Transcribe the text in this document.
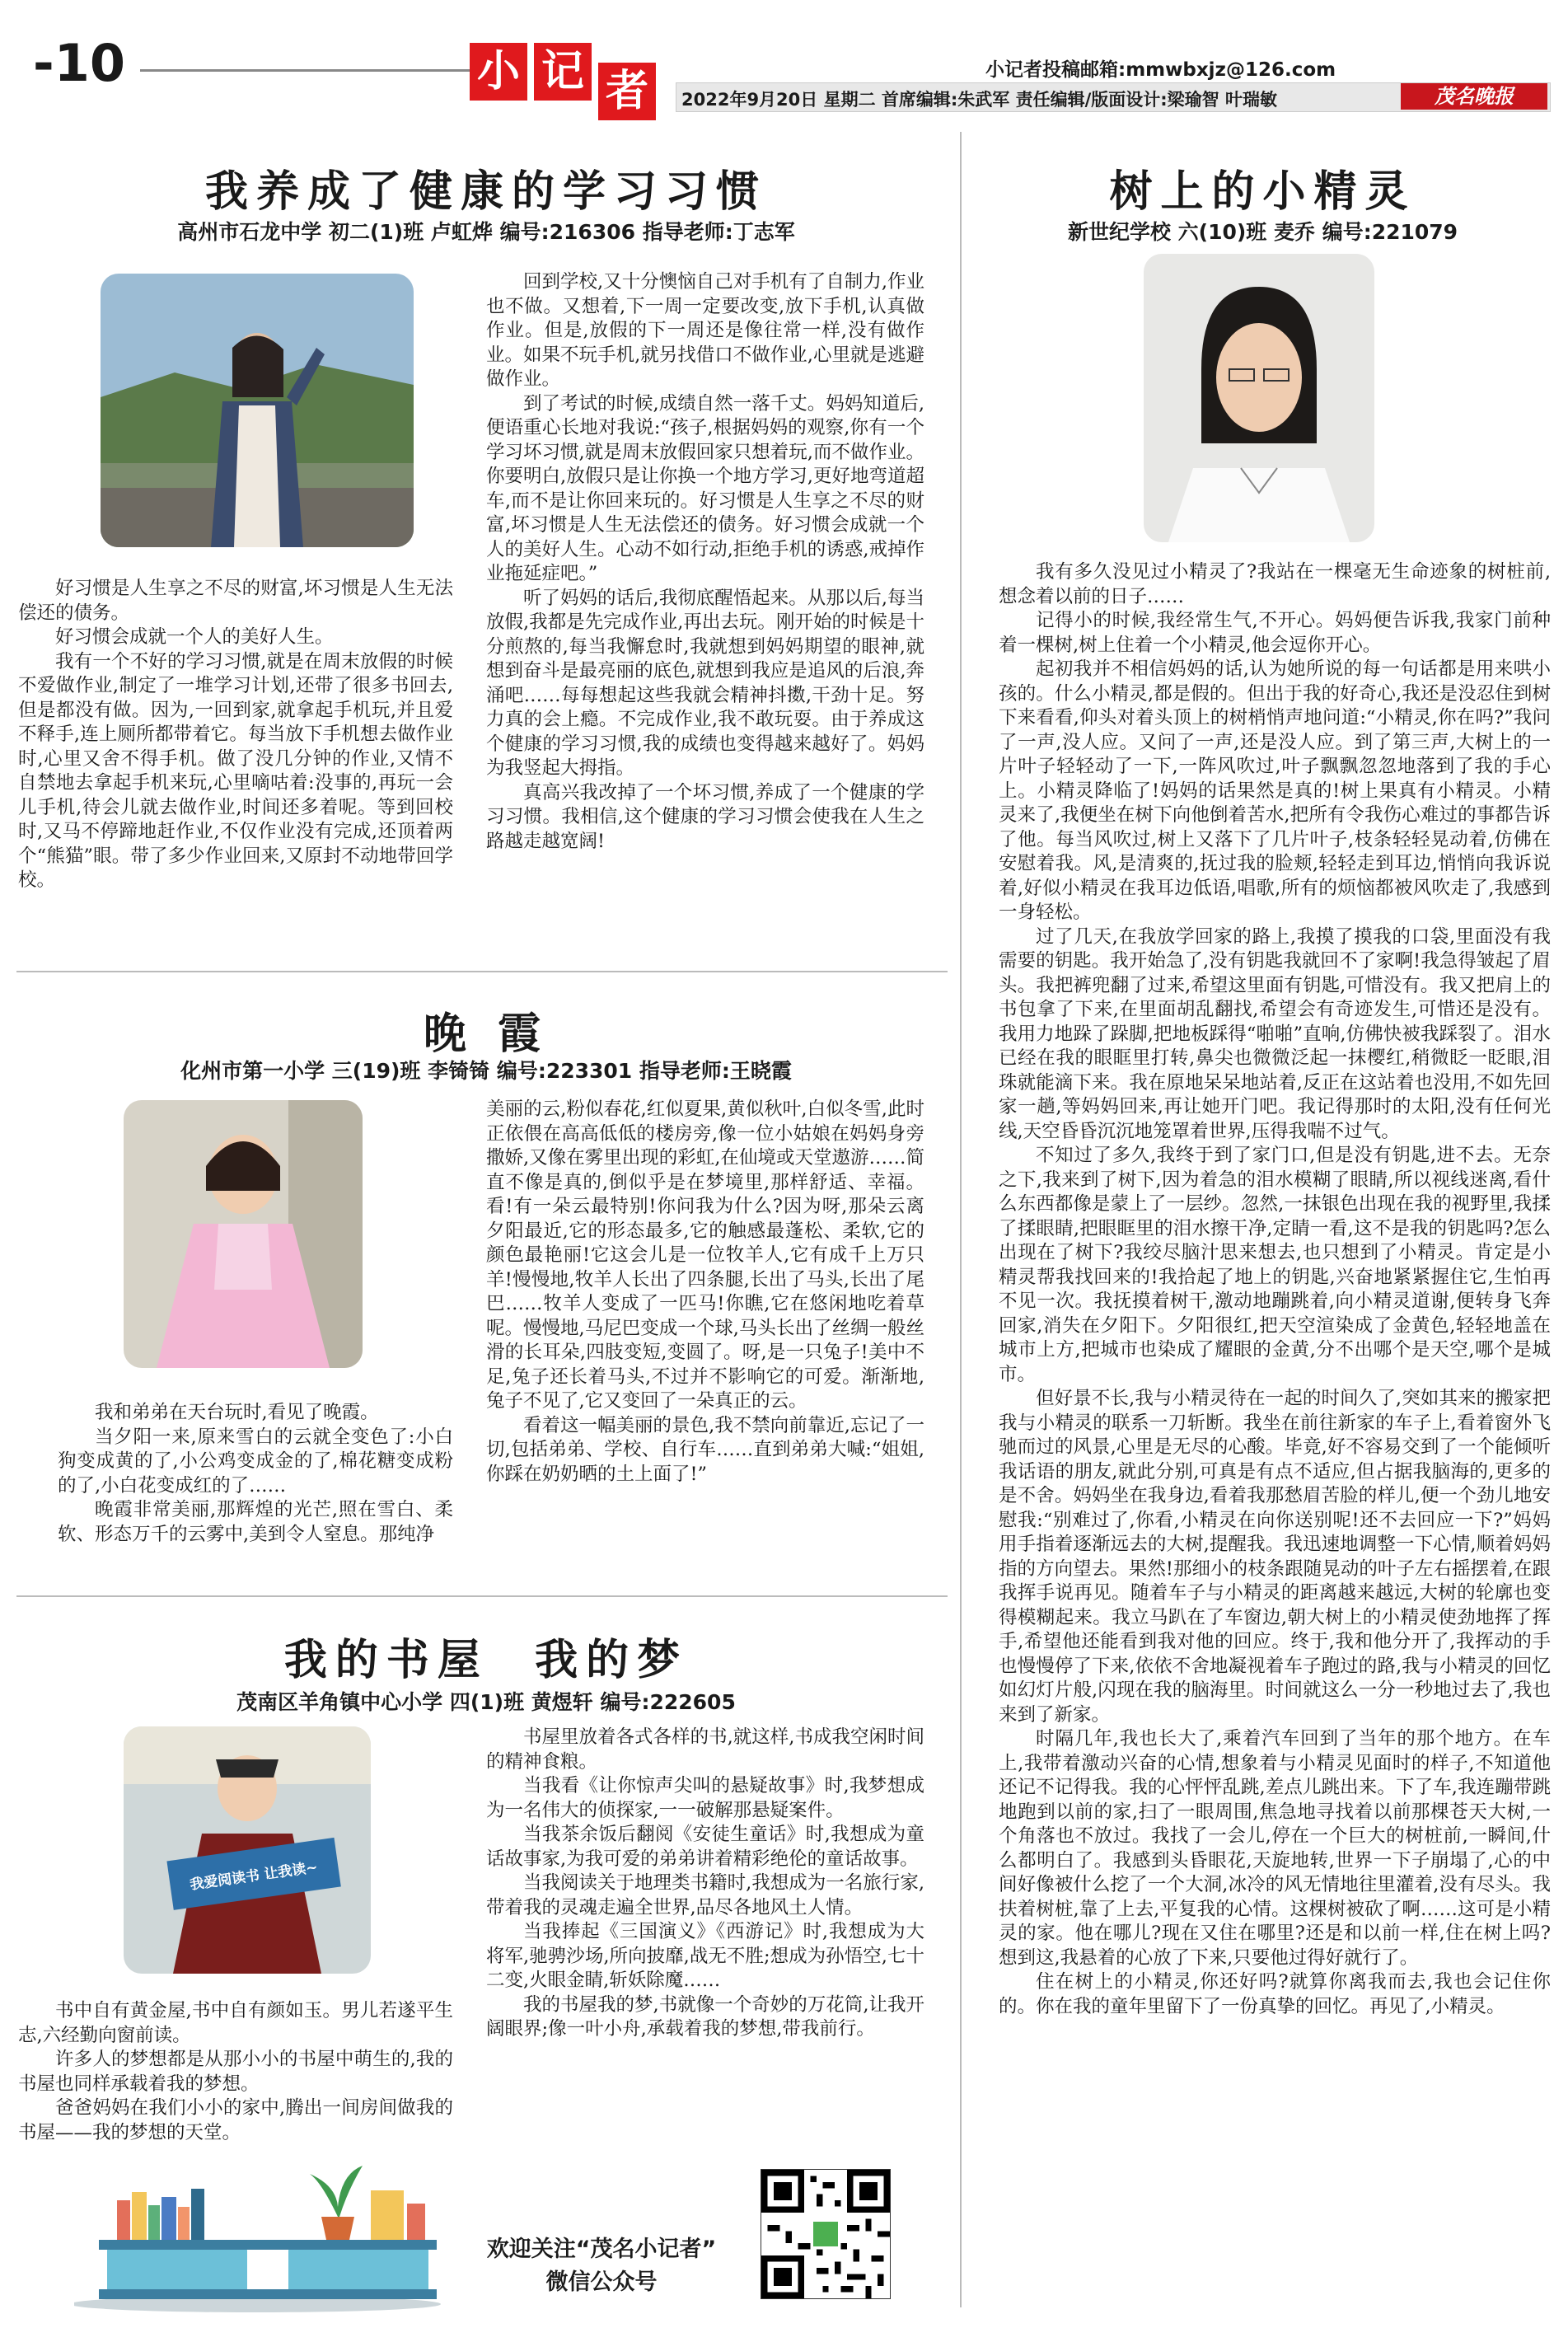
-10	小 记 者	小记者投稿邮箱:mmwbxjz@126.com
2022年9月20日 星期二 首席编辑:朱武军 责任编辑/版面设计:梁瑜智 叶瑞敏	茂名晚报
我养成了健康的学习习惯
高州市石龙中学 初二(1)班 卢虹烨 编号:216306 指导老师:丁志军

好习惯是人生享之不尽的财富,坏习惯是人生无法偿还的债务。

好习惯会成就一个人的美好人生。

我有一个不好的学习习惯,就是在周末放假的时候不爱做作业,制定了一堆学习计划,还带了很多书回去,但是都没有做。因为,一回到家,就拿起手机玩,并且爱不释手,连上厕所都带着它。每当放下手机想去做作业时,心里又舍不得手机。做了没几分钟的作业,又情不自禁地去拿起手机来玩,心里嘀咕着:没事的,再玩一会儿手机,待会儿就去做作业,时间还多着呢。等到回校时,又马不停蹄地赶作业,不仅作业没有完成,还顶着两个“熊猫”眼。带了多少作业回来,又原封不动地带回学校。

回到学校,又十分懊恼自己对手机有了自制力,作业也不做。又想着,下一周一定要改变,放下手机,认真做作业。但是,放假的下一周还是像往常一样,没有做作业。如果不玩手机,就另找借口不做作业,心里就是逃避做作业。

到了考试的时候,成绩自然一落千丈。妈妈知道后,便语重心长地对我说:“孩子,根据妈妈的观察,你有一个学习坏习惯,就是周末放假回家只想着玩,而不做作业。你要明白,放假只是让你换一个地方学习,更好地弯道超车,而不是让你回来玩的。好习惯是人生享之不尽的财富,坏习惯是人生无法偿还的债务。好习惯会成就一个人的美好人生。心动不如行动,拒绝手机的诱惑,戒掉作业拖延症吧。”

听了妈妈的话后,我彻底醒悟起来。从那以后,每当放假,我都是先完成作业,再出去玩。刚开始的时候是十分煎熬的,每当我懈怠时,我就想到妈妈期望的眼神,就想到奋斗是最亮丽的底色,就想到我应是追风的后浪,奔涌吧……每每想起这些我就会精神抖擞,干劲十足。努力真的会上瘾。不完成作业,我不敢玩耍。由于养成这个健康的学习习惯,我的成绩也变得越来越好了。妈妈为我竖起大拇指。

真高兴我改掉了一个坏习惯,养成了一个健康的学习习惯。我相信,这个健康的学习习惯会使我在人生之路越走越宽阔!

晚 霞
化州市第一小学 三(19)班 李锜锜 编号:223301 指导老师:王晓霞

我和弟弟在天台玩时,看见了晚霞。

当夕阳一来,原来雪白的云就全变色了:小白狗变成黄的了,小公鸡变成金的了,棉花糖变成粉的了,小白花变成红的了……

晚霞非常美丽,那辉煌的光芒,照在雪白、柔软、形态万千的云雾中,美到令人窒息。那纯净

美丽的云,粉似春花,红似夏果,黄似秋叶,白似冬雪,此时正依偎在高高低低的楼房旁,像一位小姑娘在妈妈身旁撒娇,又像在雾里出现的彩虹,在仙境或天堂遨游……简直不像是真的,倒似乎是在梦境里,那样舒适、幸福。看!有一朵云最特别!你问我为什么?因为呀,那朵云离夕阳最近,它的形态最多,它的触感最蓬松、柔软,它的颜色最艳丽!它这会儿是一位牧羊人,它有成千上万只羊!慢慢地,牧羊人长出了四条腿,长出了马头,长出了尾巴……牧羊人变成了一匹马!你瞧,它在悠闲地吃着草呢。慢慢地,马尼巴变成一个球,马头长出了丝绸一般丝滑的长耳朵,四肢变短,变圆了。呀,是一只兔子!美中不足,兔子还长着马头,不过并不影响它的可爱。渐渐地,兔子不见了,它又变回了一朵真正的云。

看着这一幅美丽的景色,我不禁向前靠近,忘记了一切,包括弟弟、学校、自行车……直到弟弟大喊:“姐姐,你踩在奶奶晒的土上面了!”

我的书屋  我的梦
茂南区羊角镇中心小学 四(1)班 黄煜轩 编号:222605
我爱阅读书 让我读~

书中自有黄金屋,书中自有颜如玉。男儿若遂平生志,六经勤向窗前读。

许多人的梦想都是从那小小的书屋中萌生的,我的书屋也同样承载着我的梦想。

爸爸妈妈在我们小小的家中,腾出一间房间做我的书屋——我的梦想的天堂。

书屋里放着各式各样的书,就这样,书成我空闲时间的精神食粮。

当我看《让你惊声尖叫的悬疑故事》时,我梦想成为一名伟大的侦探家,一一破解那悬疑案件。

当我茶余饭后翻阅《安徒生童话》时,我想成为童话故事家,为我可爱的弟弟讲着精彩绝伦的童话故事。

当我阅读关于地理类书籍时,我想成为一名旅行家,带着我的灵魂走遍全世界,品尽各地风土人情。

当我捧起《三国演义》《西游记》时,我想成为大将军,驰骋沙场,所向披靡,战无不胜;想成为孙悟空,七十二变,火眼金睛,斩妖除魔……

我的书屋我的梦,书就像一个奇妙的万花筒,让我开阔眼界;像一叶小舟,承载着我的梦想,带我前行。

欢迎关注“茂名小记者”
微信公众号
树上的小精灵
新世纪学校 六(10)班 麦乔 编号:221079

我有多久没见过小精灵了?我站在一棵毫无生命迹象的树桩前,想念着以前的日子……

记得小的时候,我经常生气,不开心。妈妈便告诉我,我家门前种着一棵树,树上住着一个小精灵,他会逗你开心。

起初我并不相信妈妈的话,认为她所说的每一句话都是用来哄小孩的。什么小精灵,都是假的。但出于我的好奇心,我还是没忍住到树下来看看,仰头对着头顶上的树梢悄声地问道:“小精灵,你在吗?”我问了一声,没人应。又问了一声,还是没人应。到了第三声,大树上的一片叶子轻轻动了一下,一阵风吹过,叶子飘飘忽忽地落到了我的手心上。小精灵降临了!妈妈的话果然是真的!树上果真有小精灵。小精灵来了,我便坐在树下向他倒着苦水,把所有令我伤心难过的事都告诉了他。每当风吹过,树上又落下了几片叶子,枝条轻轻晃动着,仿佛在安慰着我。风,是清爽的,抚过我的脸颊,轻轻走到耳边,悄悄向我诉说着,好似小精灵在我耳边低语,唱歌,所有的烦恼都被风吹走了,我感到一身轻松。

过了几天,在我放学回家的路上,我摸了摸我的口袋,里面没有我需要的钥匙。我开始急了,没有钥匙我就回不了家啊!我急得皱起了眉头。我把裤兜翻了过来,希望这里面有钥匙,可惜没有。我又把肩上的书包拿了下来,在里面胡乱翻找,希望会有奇迹发生,可惜还是没有。我用力地跺了跺脚,把地板踩得“啪啪”直响,仿佛快被我踩裂了。泪水已经在我的眼眶里打转,鼻尖也微微泛起一抹樱红,稍微眨一眨眼,泪珠就能滴下来。我在原地呆呆地站着,反正在这站着也没用,不如先回家一趟,等妈妈回来,再让她开门吧。我记得那时的太阳,没有任何光线,天空昏昏沉沉地笼罩着世界,压得我喘不过气。

不知过了多久,我终于到了家门口,但是没有钥匙,进不去。无奈之下,我来到了树下,因为着急的泪水模糊了眼睛,所以视线迷离,看什么东西都像是蒙上了一层纱。忽然,一抹银色出现在我的视野里,我揉了揉眼睛,把眼眶里的泪水擦干净,定睛一看,这不是我的钥匙吗?怎么出现在了树下?我绞尽脑汁思来想去,也只想到了小精灵。肯定是小精灵帮我找回来的!我拾起了地上的钥匙,兴奋地紧紧握住它,生怕再不见一次。我抚摸着树干,激动地蹦跳着,向小精灵道谢,便转身飞奔回家,消失在夕阳下。夕阳很红,把天空渲染成了金黄色,轻轻地盖在城市上方,把城市也染成了耀眼的金黄,分不出哪个是天空,哪个是城市。

但好景不长,我与小精灵待在一起的时间久了,突如其来的搬家把我与小精灵的联系一刀斩断。我坐在前往新家的车子上,看着窗外飞驰而过的风景,心里是无尽的心酸。毕竟,好不容易交到了一个能倾听我话语的朋友,就此分别,可真是有点不适应,但占据我脑海的,更多的是不舍。妈妈坐在我身边,看着我那愁眉苦脸的样儿,便一个劲儿地安慰我:“别难过了,你看,小精灵在向你送别呢!还不去回应一下?”妈妈用手指着逐渐远去的大树,提醒我。我迅速地调整一下心情,顺着妈妈指的方向望去。果然!那细小的枝条跟随晃动的叶子左右摇摆着,在跟我挥手说再见。随着车子与小精灵的距离越来越远,大树的轮廓也变得模糊起来。我立马趴在了车窗边,朝大树上的小精灵使劲地挥了挥手,希望他还能看到我对他的回应。终于,我和他分开了,我挥动的手也慢慢停了下来,依依不舍地凝视着车子跑过的路,我与小精灵的回忆如幻灯片般,闪现在我的脑海里。时间就这么一分一秒地过去了,我也来到了新家。

时隔几年,我也长大了,乘着汽车回到了当年的那个地方。在车上,我带着激动兴奋的心情,想象着与小精灵见面时的样子,不知道他还记不记得我。我的心怦怦乱跳,差点儿跳出来。下了车,我连蹦带跳地跑到以前的家,扫了一眼周围,焦急地寻找着以前那棵苍天大树,一个角落也不放过。我找了一会儿,停在一个巨大的树桩前,一瞬间,什么都明白了。我感到头昏眼花,天旋地转,世界一下子崩塌了,心的中间好像被什么挖了一个大洞,冰冷的风无情地往里灌着,没有尽头。我扶着树桩,靠了上去,平复我的心情。这棵树被砍了啊……这可是小精灵的家。他在哪儿?现在又住在哪里?还是和以前一样,住在树上吗?想到这,我悬着的心放了下来,只要他过得好就行了。

住在树上的小精灵,你还好吗?就算你离我而去,我也会记住你的。你在我的童年里留下了一份真挚的回忆。再见了,小精灵。
